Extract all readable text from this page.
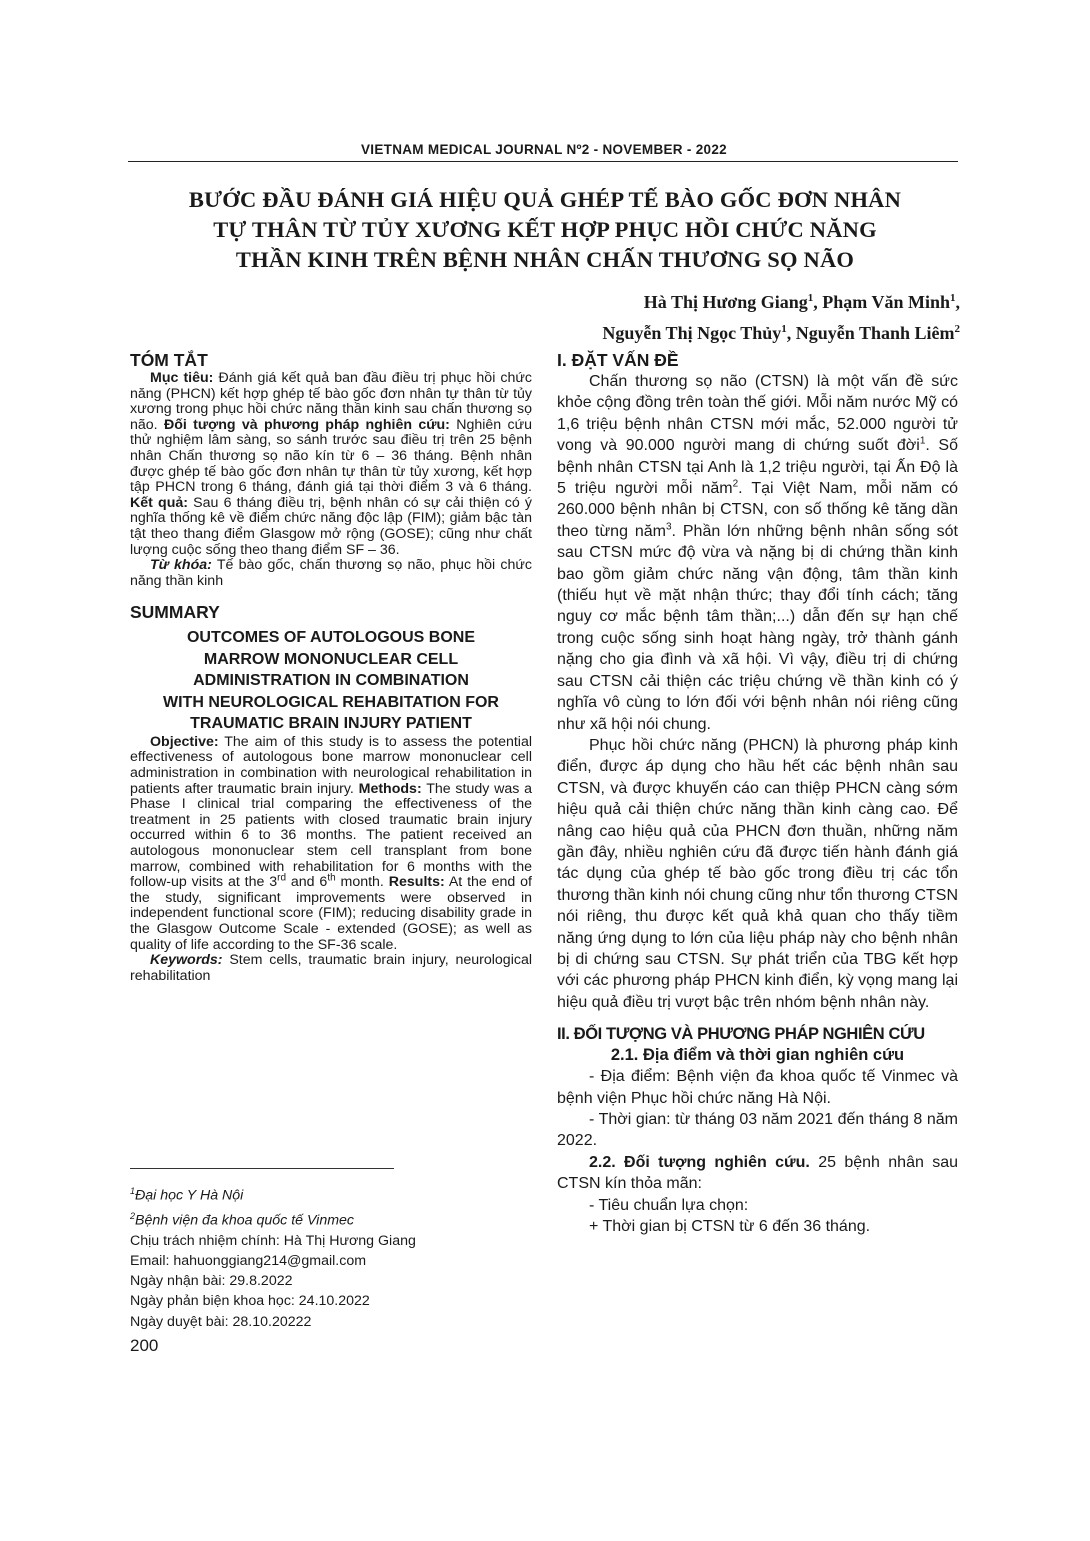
VIETNAM MEDICAL JOURNAL Nº2 - NOVEMBER - 2022
BƯỚC ĐẦU ĐÁNH GIÁ HIỆU QUẢ GHÉP TẾ BÀO GỐC ĐƠN NHÂN
TỰ THÂN TỪ TỦY XƯƠNG KẾT HỢP PHỤC HỒI CHỨC NĂNG
THẦN KINH TRÊN BỆNH NHÂN CHẤN THƯƠNG SỌ NÃO
Hà Thị Hương Giang$^1$, Phạm Văn Minh$^1$,
Nguyễn Thị Ngọc Thủy$^1$, Nguyễn Thanh Liêm$^2$
TÓM TẮT

Mục tiêu: Đánh giá kết quả ban đầu điều trị phục hồi chức năng (PHCN) kết hợp ghép tế bào gốc đơn nhân tự thân từ tủy xương trong phục hồi chức năng thần kinh sau chấn thương sọ não. Đối tượng và phương pháp nghiên cứu: Nghiên cứu thử nghiệm lâm sàng, so sánh trước sau điều trị trên 25 bệnh nhân Chấn thương sọ não kín từ 6 – 36 tháng. Bệnh nhân được ghép tế bào gốc đơn nhân tự thân từ tủy xương, kết hợp tập PHCN trong 6 tháng, đánh giá tại thời điểm 3 và 6 tháng. Kết quả: Sau 6 tháng điều trị, bệnh nhân có sự cải thiện có ý nghĩa thống kê về điểm chức năng độc lập (FIM); giảm bậc tàn tật theo thang điểm Glasgow mở rộng (GOSE); cũng như chất lượng cuộc sống theo thang điểm SF – 36.

Từ khóa: Tế bào gốc, chấn thương sọ não, phục hồi chức năng thần kinh

SUMMARY
OUTCOMES OF AUTOLOGOUS BONE
MARROW MONONUCLEAR CELL
ADMINISTRATION IN COMBINATION
WITH NEUROLOGICAL REHABITATION FOR
TRAUMATIC BRAIN INJURY PATIENT

Objective: The aim of this study is to assess the potential effectiveness of autologous bone marrow mononuclear cell administration in combination with neurological rehabilitation in patients after traumatic brain injury. Methods: The study was a Phase I clinical trial comparing the effectiveness of the treatment in 25 patients with closed traumatic brain injury occurred within 6 to 36 months. The patient received an autologous mononuclear stem cell transplant from bone marrow, combined with rehabilitation for 6 months with the follow-up visits at the 3rd and 6th month. Results: At the end of the study, significant improvements were observed in independent functional score (FIM); reducing disability grade in the Glasgow Outcome Scale - extended (GOSE); as well as quality of life according to the SF-36 scale.

Keywords: Stem cells, traumatic brain injury, neurological rehabilitation

$^1$Đại học Y Hà Nội
$^2$Bệnh viện đa khoa quốc tế Vinmec
Chịu trách nhiệm chính: Hà Thị Hương Giang
Email: hahuonggiang214@gmail.com
Ngày nhận bài: 29.8.2022
Ngày phản biện khoa học: 24.10.2022
Ngày duyệt bài: 28.10.20222
200
I. ĐẶT VẤN ĐỀ

Chấn thương sọ não (CTSN) là một vấn đề sức khỏe cộng đồng trên toàn thế giới. Mỗi năm nước Mỹ có 1,6 triệu bệnh nhân CTSN mới mắc, 52.000 người tử vong và 90.000 người mang di chứng suốt đời$^1$. Số bệnh nhân CTSN tại Anh là 1,2 triệu người, tại Ấn Độ là 5 triệu người mỗi năm$^2$. Tại Việt Nam, mỗi năm có 260.000 bệnh nhân bị CTSN, con số thống kê tăng dần theo từng năm$^3$. Phần lớn những bệnh nhân sống sót sau CTSN mức độ vừa và nặng bị di chứng thần kinh bao gồm giảm chức năng vận động, tâm thần kinh (thiếu hụt về mặt nhận thức; thay đổi tính cách; tăng nguy cơ mắc bệnh tâm thần;...) dẫn đến sự hạn chế trong cuộc sống sinh hoạt hàng ngày, trở thành gánh nặng cho gia đình và xã hội. Vì vậy, điều trị di chứng sau CTSN cải thiện các triệu chứng về thần kinh có ý nghĩa vô cùng to lớn đối với bệnh nhân nói riêng cũng như xã hội nói chung.

Phục hồi chức năng (PHCN) là phương pháp kinh điển, được áp dụng cho hầu hết các bệnh nhân sau CTSN, và được khuyến cáo can thiệp PHCN càng sớm hiệu quả cải thiện chức năng thần kinh càng cao. Để nâng cao hiệu quả của PHCN đơn thuần, những năm gần đây, nhiều nghiên cứu đã được tiến hành đánh giá tác dụng của ghép tế bào gốc trong điều trị các tổn thương thần kinh nói chung cũng như tổn thương CTSN nói riêng, thu được kết quả khả quan cho thấy tiềm năng ứng dụng to lớn của liệu pháp này cho bệnh nhân bị di chứng sau CTSN. Sự phát triển của TBG kết hợp với các phương pháp PHCN kinh điển, kỳ vọng mang lại hiệu quả điều trị vượt bậc trên nhóm bệnh nhân này.

II. ĐỐI TƯỢNG VÀ PHƯƠNG PHÁP NGHIÊN CỨU

2.1. Địa điểm và thời gian nghiên cứu

- Địa điểm: Bệnh viện đa khoa quốc tế Vinmec và bệnh viện Phục hồi chức năng Hà Nội.

- Thời gian: từ tháng 03 năm 2021 đến tháng 8 năm 2022.

2.2. Đối tượng nghiên cứu. 25 bệnh nhân sau CTSN kín thỏa mãn:

- Tiêu chuẩn lựa chọn:

+ Thời gian bị CTSN từ 6 đến 36 tháng.
